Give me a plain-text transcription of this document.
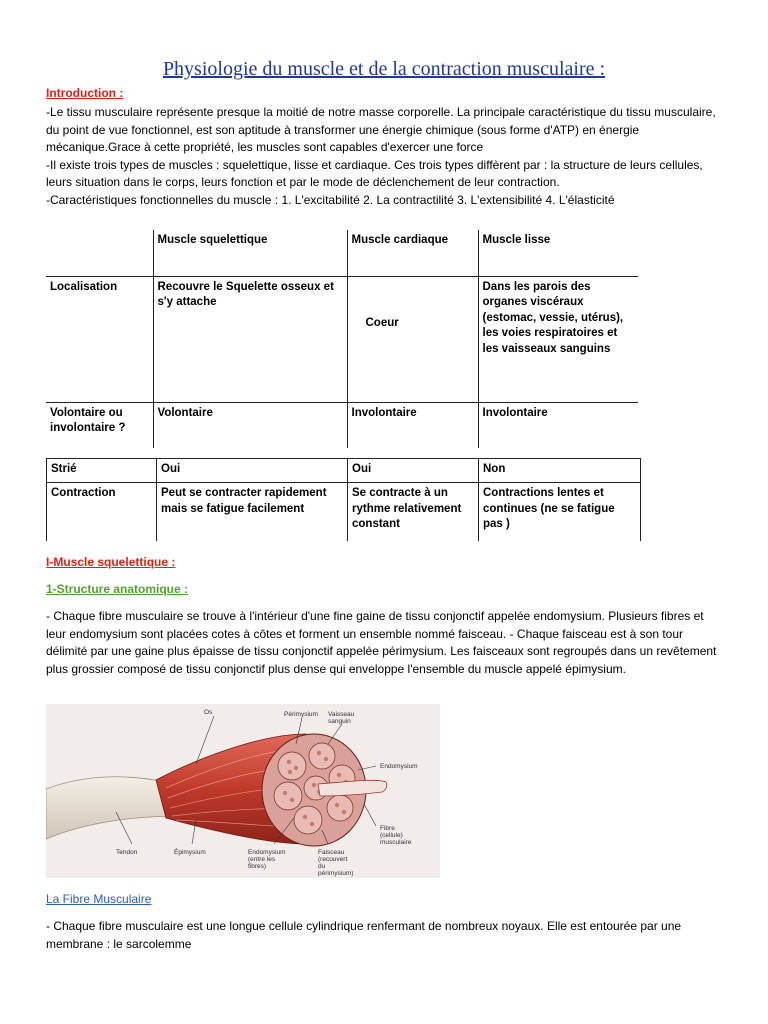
Physiologie du muscle et de la contraction musculaire :
Introduction :

-Le tissu musculaire représente presque la moitié de notre masse corporelle. La principale caractéristique du tissu musculaire, du point de vue fonctionnel, est son aptitude à transformer une énergie chimique (sous forme d'ATP) en énergie mécanique.Grace à cette propriété, les muscles sont capables d'exercer une force

-Il existe trois types de muscles : squelettique, lisse et cardiaque. Ces trois types diffèrent par : la structure de leurs cellules, leurs situation dans le corps, leurs fonction et par le mode de déclenchement de leur contraction.

-Caractéristiques fonctionnelles du muscle : 1. L'excitabilité 2. La contractilité 3. L'extensibilité 4. L'élasticité

	Muscle squelettique	Muscle cardiaque	Muscle lisse
Localisation	Recouvre le Squelette osseux et s'y attache	Coeur	Dans les parois des organes viscéraux (estomac, vessie, utérus), les voies respiratoires et les vaisseaux sanguins
Volontaire ou involontaire ?	Volontaire	Involontaire	Involontaire
Strié	Oui	Oui	Non
Contraction	Peut se contracter rapidement mais se fatigue facilement	Se contracte à un rythme relativement constant	Contractions lentes et continues (ne se fatigue pas )
I-Muscle squelettique :
1-Structure anatomique :
- Chaque fibre musculaire se trouve à l'intérieur d'une fine gaine de tissu conjonctif appelée endomysium. Plusieurs fibres et leur endomysium sont placées cotes à côtes et forment un ensemble nommé faisceau. - Chaque faisceau est à son tour délimité par une gaine plus épaisse de tissu conjonctif appelée périmysium. Les faisceaux sont regroupés dans un revêtement plus grossier composé de tissu conjonctif plus dense qui enveloppe l'ensemble du muscle appelé épimysium.
Os	Périmysium Vaisseau sanguin
Endomysium
Fibre (cellule) musculaire
Tendon	Épimysium	Endomysium (entre les fibres)
Faisceau (recouvert du périmysium)
La Fibre Musculaire
- Chaque fibre musculaire est une longue cellule cylindrique renfermant de nombreux noyaux. Elle est entourée par une membrane : le sarcolemme
